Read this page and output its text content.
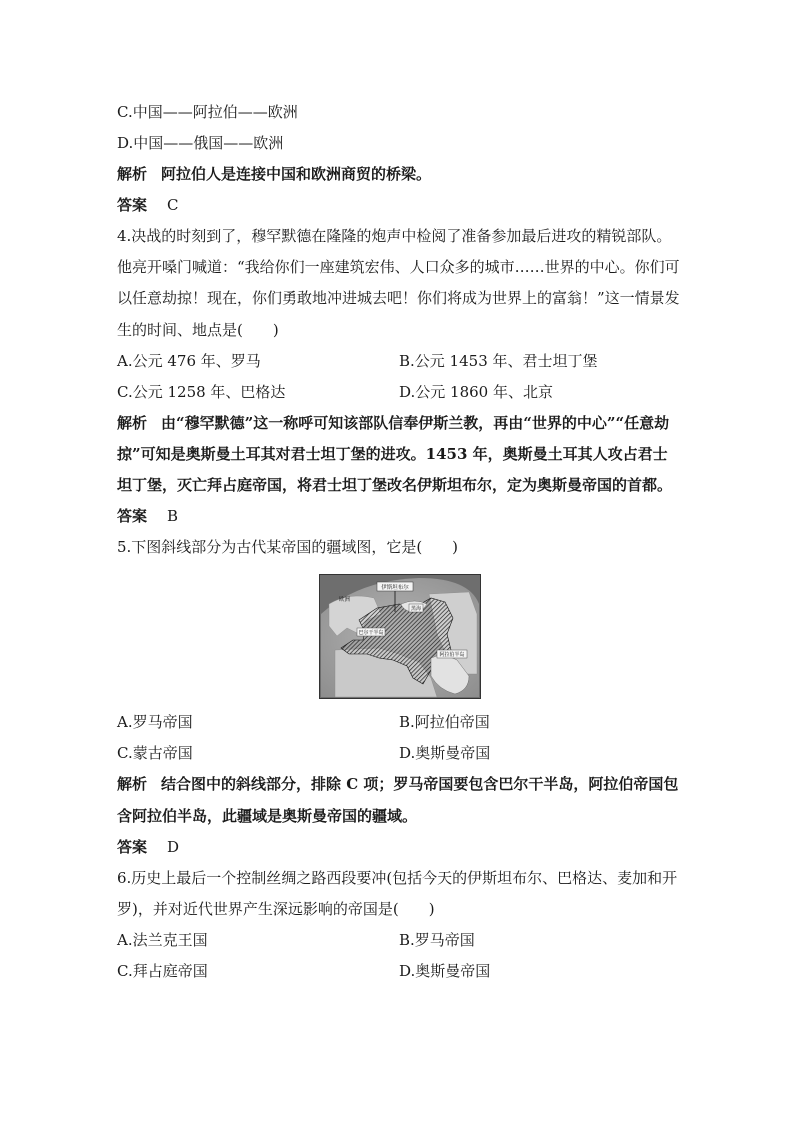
C.中国——阿拉伯——欧洲
D.中国——俄国——欧洲
解析 阿拉伯人是连接中国和欧洲商贸的桥梁。
答案 C
4.决战的时刻到了，穆罕默德在隆隆的炮声中检阅了准备参加最后进攻的精锐部队。他亮开嗓门喊道：“我给你们一座建筑宏伟、人口众多的城市……世界的中心。你们可以任意劫掠！现在，你们勇敢地冲进城去吧！你们将成为世界上的富翁！”这一情景发生的时间、地点是(　　)
A.公元 476 年、罗马	B.公元 1453 年、君士坦丁堡
C.公元 1258 年、巴格达	D.公元 1860 年、北京
解析 由“穆罕默德”这一称呼可知该部队信奉伊斯兰教，再由“世界的中心”“任意劫掠”可知是奥斯曼土耳其对君士坦丁堡的进攻。1453 年，奥斯曼土耳其人攻占君士坦丁堡，灭亡拜占庭帝国，将君士坦丁堡改名伊斯坦布尔，定为奥斯曼帝国的首都。
答案 B
5.下图斜线部分为古代某帝国的疆域图，它是(　　)
伊斯坦布尔
欧洲
黑海
巴尔干半岛
阿拉伯半岛
A.罗马帝国	B.阿拉伯帝国
C.蒙古帝国	D.奥斯曼帝国
解析 结合图中的斜线部分，排除 C 项；罗马帝国要包含巴尔干半岛，阿拉伯帝国包含阿拉伯半岛，此疆域是奥斯曼帝国的疆域。
答案 D
6.历史上最后一个控制丝绸之路西段要冲(包括今天的伊斯坦布尔、巴格达、麦加和开罗)，并对近代世界产生深远影响的帝国是(　　)
A.法兰克王国	B.罗马帝国
C.拜占庭帝国	D.奥斯曼帝国
